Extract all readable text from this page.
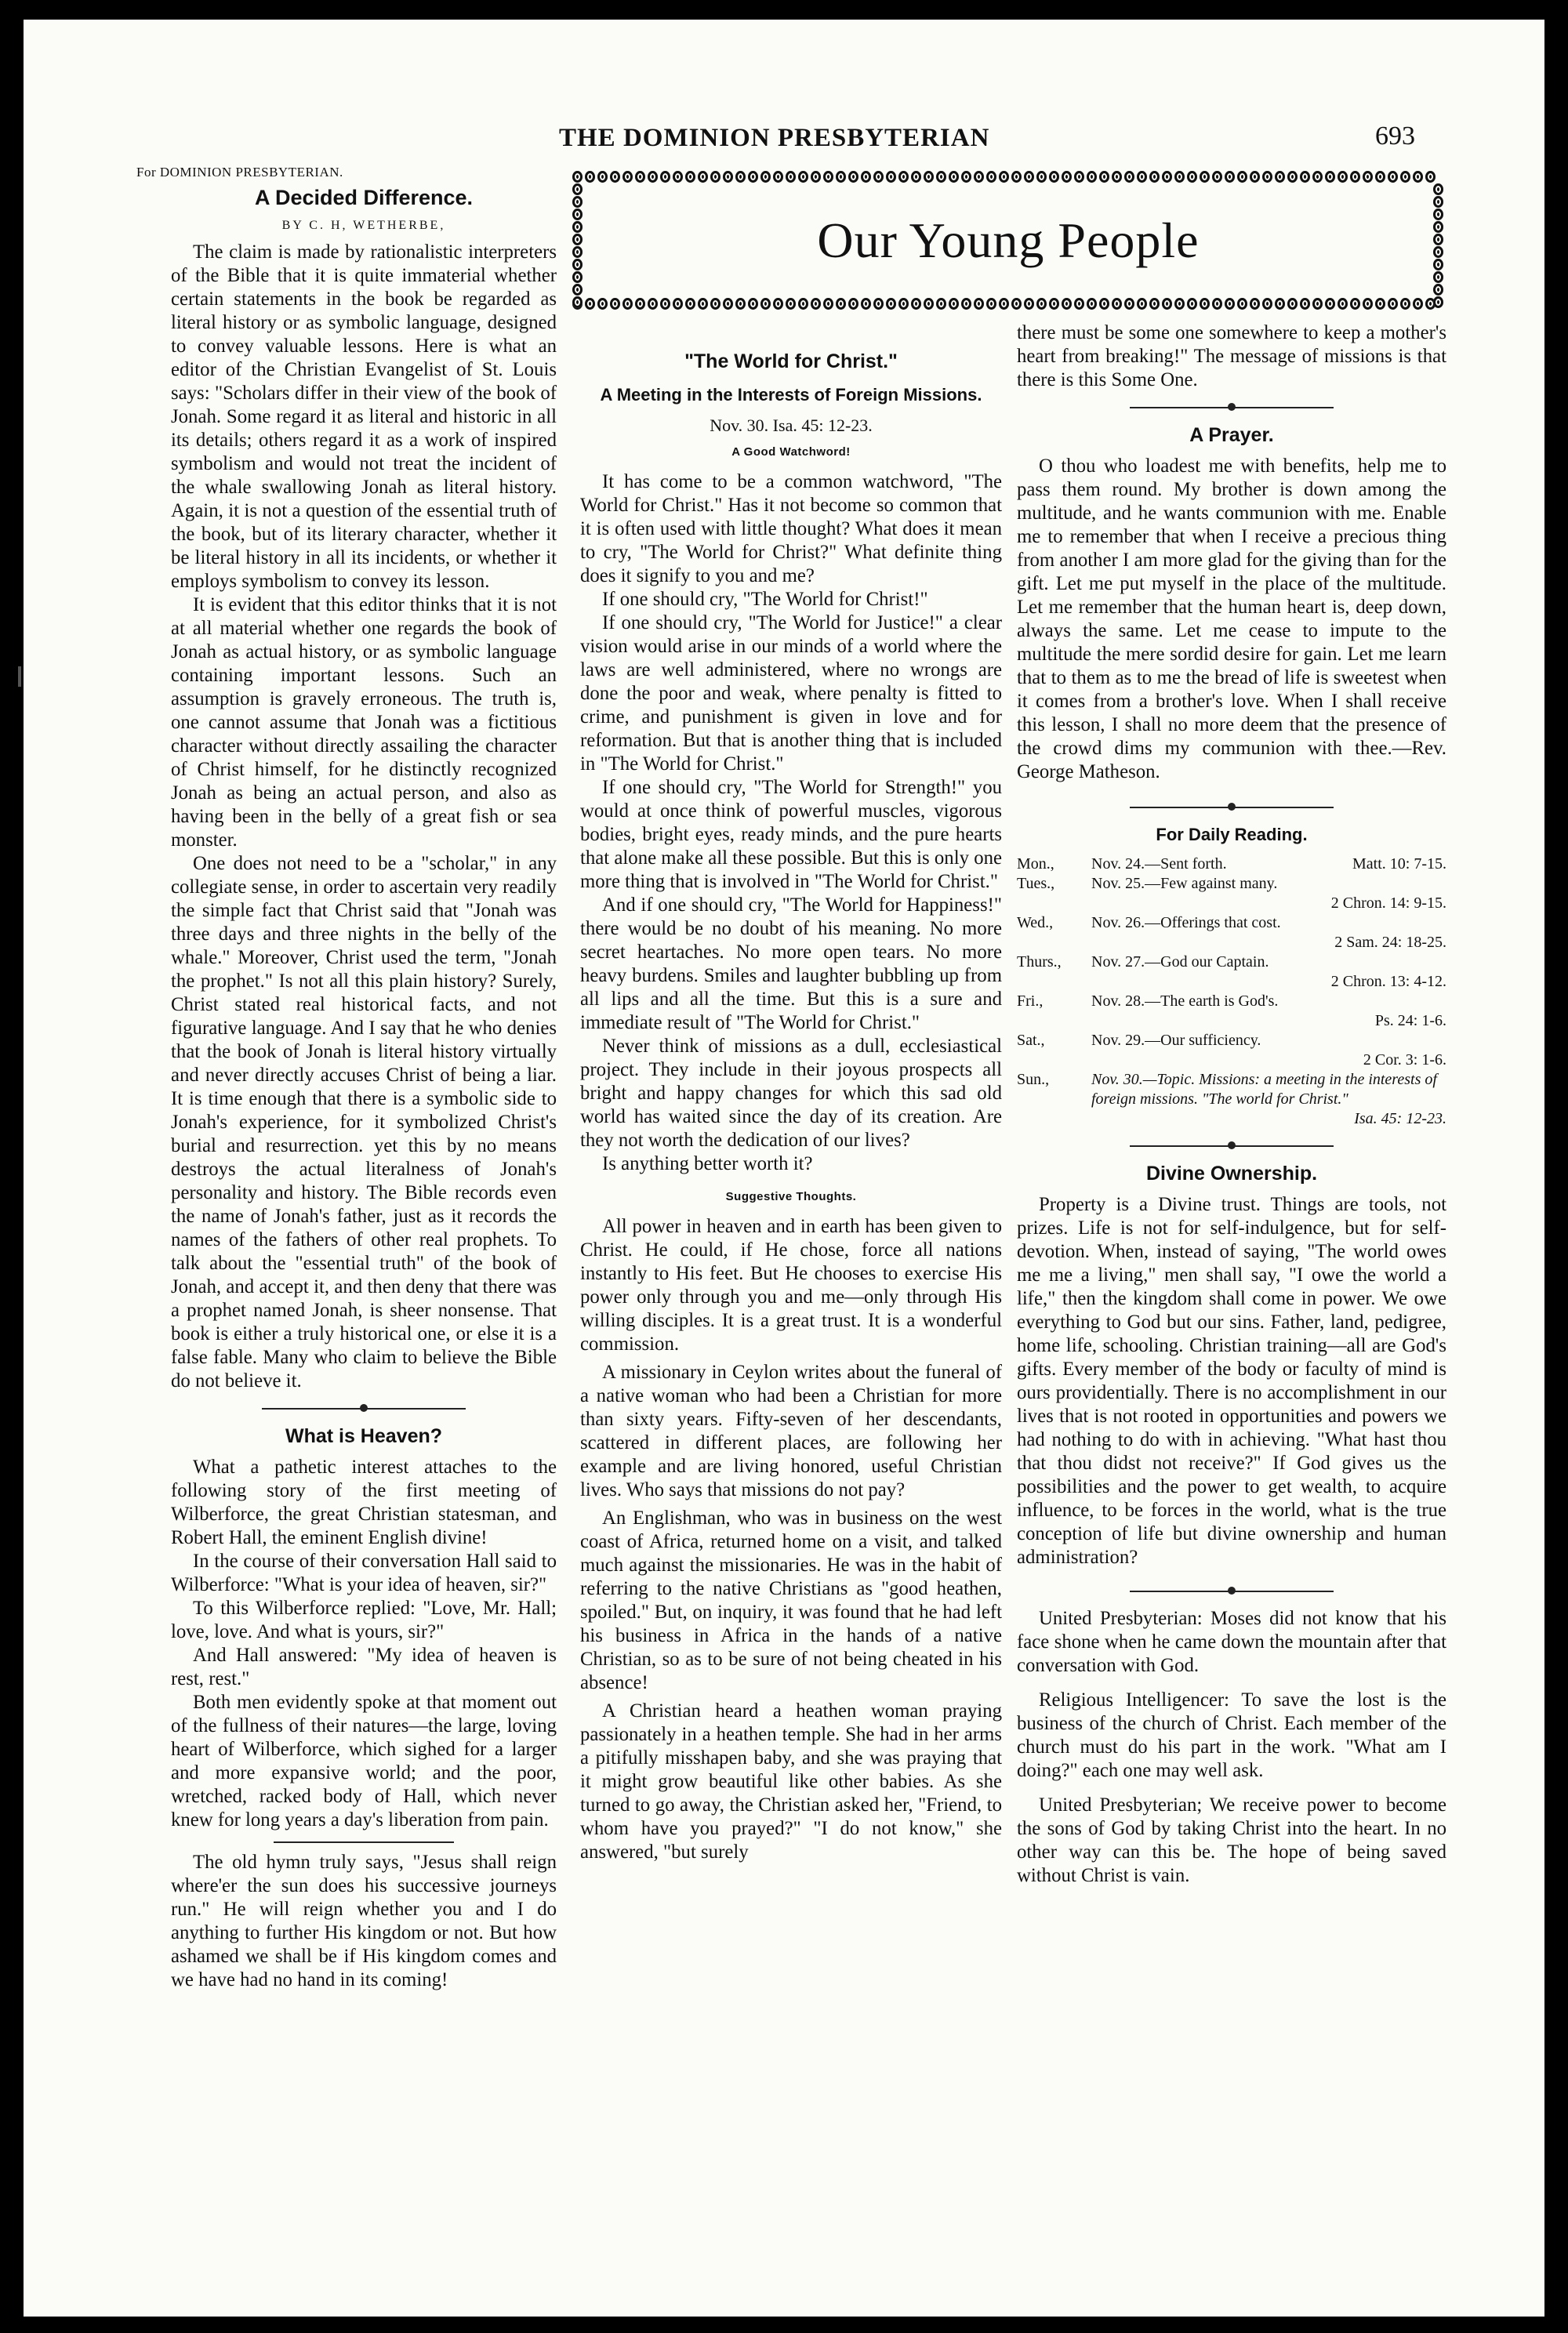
THE DOMINION PRESBYTERIAN	693
Our Young People
For DOMINION PRESBYTERIAN.
A Decided Difference.
BY C. H, WETHERBE,

The claim is made by rationalistic interpreters of the Bible that it is quite immaterial whether certain statements in the book be regarded as literal history or as symbolic language, designed to convey valuable lessons. Here is what an editor of the Christian Evangelist of St. Louis says: "Scholars differ in their view of the book of Jonah. Some regard it as literal and historic in all its details; others regard it as a work of inspired symbolism and would not treat the incident of the whale swallowing Jonah as literal history. Again, it is not a question of the essential truth of the book, but of its literary character, whether it be literal history in all its incidents, or whether it employs symbolism to convey its lesson.

It is evident that this editor thinks that it is not at all material whether one regards the book of Jonah as actual history, or as symbolic language containing important lessons. Such an assumption is gravely erroneous. The truth is, one cannot assume that Jonah was a fictitious character without directly assailing the character of Christ himself, for he distinctly recognized Jonah as being an actual person, and also as having been in the belly of a great fish or sea monster.

One does not need to be a "scholar," in any collegiate sense, in order to ascertain very readily the simple fact that Christ said that "Jonah was three days and three nights in the belly of the whale." Moreover, Christ used the term, "Jonah the prophet." Is not all this plain history? Surely, Christ stated real historical facts, and not figurative language. And I say that he who denies that the book of Jonah is literal history virtually and never directly accuses Christ of being a liar. It is time enough that there is a symbolic side to Jonah's experience, for it symbolized Christ's burial and resurrection. yet this by no means destroys the actual literalness of Jonah's personality and history. The Bible records even the name of Jonah's father, just as it records the names of the fathers of other real prophets. To talk about the "essential truth" of the book of Jonah, and accept it, and then deny that there was a prophet named Jonah, is sheer nonsense. That book is either a truly historical one, or else it is a false fable. Many who claim to believe the Bible do not believe it.

What is Heaven?

What a pathetic interest attaches to the following story of the first meeting of Wilberforce, the great Christian statesman, and Robert Hall, the eminent English divine!

In the course of their conversation Hall said to Wilberforce: "What is your idea of heaven, sir?"

To this Wilberforce replied: "Love, Mr. Hall; love, love. And what is yours, sir?"

And Hall answered: "My idea of heaven is rest, rest."

Both men evidently spoke at that moment out of the fullness of their natures—the large, loving heart of Wilberforce, which sighed for a larger and more expansive world; and the poor, wretched, racked body of Hall, which never knew for long years a day's liberation from pain.

The old hymn truly says, "Jesus shall reign where'er the sun does his successive journeys run." He will reign whether you and I do anything to further His kingdom or not. But how ashamed we shall be if His kingdom comes and we have had no hand in its coming!

"The World for Christ."
A Meeting in the Interests of Foreign Missions.
Nov. 30. Isa. 45: 12-23.
A Good Watchword!

It has come to be a common watchword, "The World for Christ." Has it not become so common that it is often used with little thought? What does it mean to cry, "The World for Christ?" What definite thing does it signify to you and me?

If one should cry, "The World for Christ!"

If one should cry, "The World for Justice!" a clear vision would arise in our minds of a world where the laws are well administered, where no wrongs are done the poor and weak, where penalty is fitted to crime, and punishment is given in love and for reformation. But that is another thing that is included in "The World for Christ."

If one should cry, "The World for Strength!" you would at once think of powerful muscles, vigorous bodies, bright eyes, ready minds, and the pure hearts that alone make all these possible. But this is only one more thing that is involved in "The World for Christ."

And if one should cry, "The World for Happiness!" there would be no doubt of his meaning. No more secret heartaches. No more open tears. No more heavy burdens. Smiles and laughter bubbling up from all lips and all the time. But this is a sure and immediate result of "The World for Christ."

Never think of missions as a dull, ecclesiastical project. They include in their joyous prospects all bright and happy changes for which this sad old world has waited since the day of its creation. Are they not worth the dedication of our lives?

Is anything better worth it?

Suggestive Thoughts.

All power in heaven and in earth has been given to Christ. He could, if He chose, force all nations instantly to His feet. But He chooses to exercise His power only through you and me—only through His willing disciples. It is a great trust. It is a wonderful commission.

A missionary in Ceylon writes about the funeral of a native woman who had been a Christian for more than sixty years. Fifty-seven of her descendants, scattered in different places, are following her example and are living honored, useful Christian lives. Who says that missions do not pay?

An Englishman, who was in business on the west coast of Africa, returned home on a visit, and talked much against the missionaries. He was in the habit of referring to the native Christians as "good heathen, spoiled." But, on inquiry, it was found that he had left his business in Africa in the hands of a native Christian, so as to be sure of not being cheated in his absence!

A Christian heard a heathen woman praying passionately in a heathen temple. She had in her arms a pitifully misshapen baby, and she was praying that it might grow beautiful like other babies. As she turned to go away, the Christian asked her, "Friend, to whom have you prayed?" "I do not know," she answered, "but surely

there must be some one somewhere to keep a mother's heart from breaking!" The message of missions is that there is this Some One.

A Prayer.

O thou who loadest me with benefits, help me to pass them round. My brother is down among the multitude, and he wants communion with me. Enable me to remember that when I receive a precious thing from another I am more glad for the giving than for the gift. Let me put myself in the place of the multitude. Let me remember that the human heart is, deep down, always the same. Let me cease to impute to the multitude the mere sordid desire for gain. Let me learn that to them as to me the bread of life is sweetest when it comes from a brother's love. When I shall receive this lesson, I shall no more deem that the presence of the crowd dims my communion with thee.—Rev. George Matheson.

For Daily Reading.
Mon.,	Nov. 24.—Sent forth. Matt. 10: 7-15.

Tues.,	Nov. 25.—Few against many.
2 Chron. 14: 9-15.

Wed.,	Nov. 26.—Offerings that cost.
2 Sam. 24: 18-25.

Thurs.,	Nov. 27.—God our Captain.
2 Chron. 13: 4-12.

Fri.,	Nov. 28.—The earth is God's.
Ps. 24: 1-6.

Sat.,	Nov. 29.—Our sufficiency.
2 Cor. 3: 1-6.

Sun.,	Nov. 30.—Topic. Missions: a meeting in the interests of foreign missions. "The world for Christ."
Isa. 45: 12-23.
Divine Ownership.

Property is a Divine trust. Things are tools, not prizes. Life is not for self-indulgence, but for self-devotion. When, instead of saying, "The world owes me me a living," men shall say, "I owe the world a life," then the kingdom shall come in power. We owe everything to God but our sins. Father, land, pedigree, home life, schooling. Christian training—all are God's gifts. Every member of the body or faculty of mind is ours providentially. There is no accomplishment in our lives that is not rooted in opportunities and powers we had nothing to do with in achieving. "What hast thou that thou didst not receive?" If God gives us the possibilities and the power to get wealth, to acquire influence, to be forces in the world, what is the true conception of life but divine ownership and human administration?

United Presbyterian: Moses did not know that his face shone when he came down the mountain after that conversation with God.

Religious Intelligencer: To save the lost is the business of the church of Christ. Each member of the church must do his part in the work. "What am I doing?" each one may well ask.

United Presbyterian; We receive power to become the sons of God by taking Christ into the heart. In no other way can this be. The hope of being saved without Christ is vain.
